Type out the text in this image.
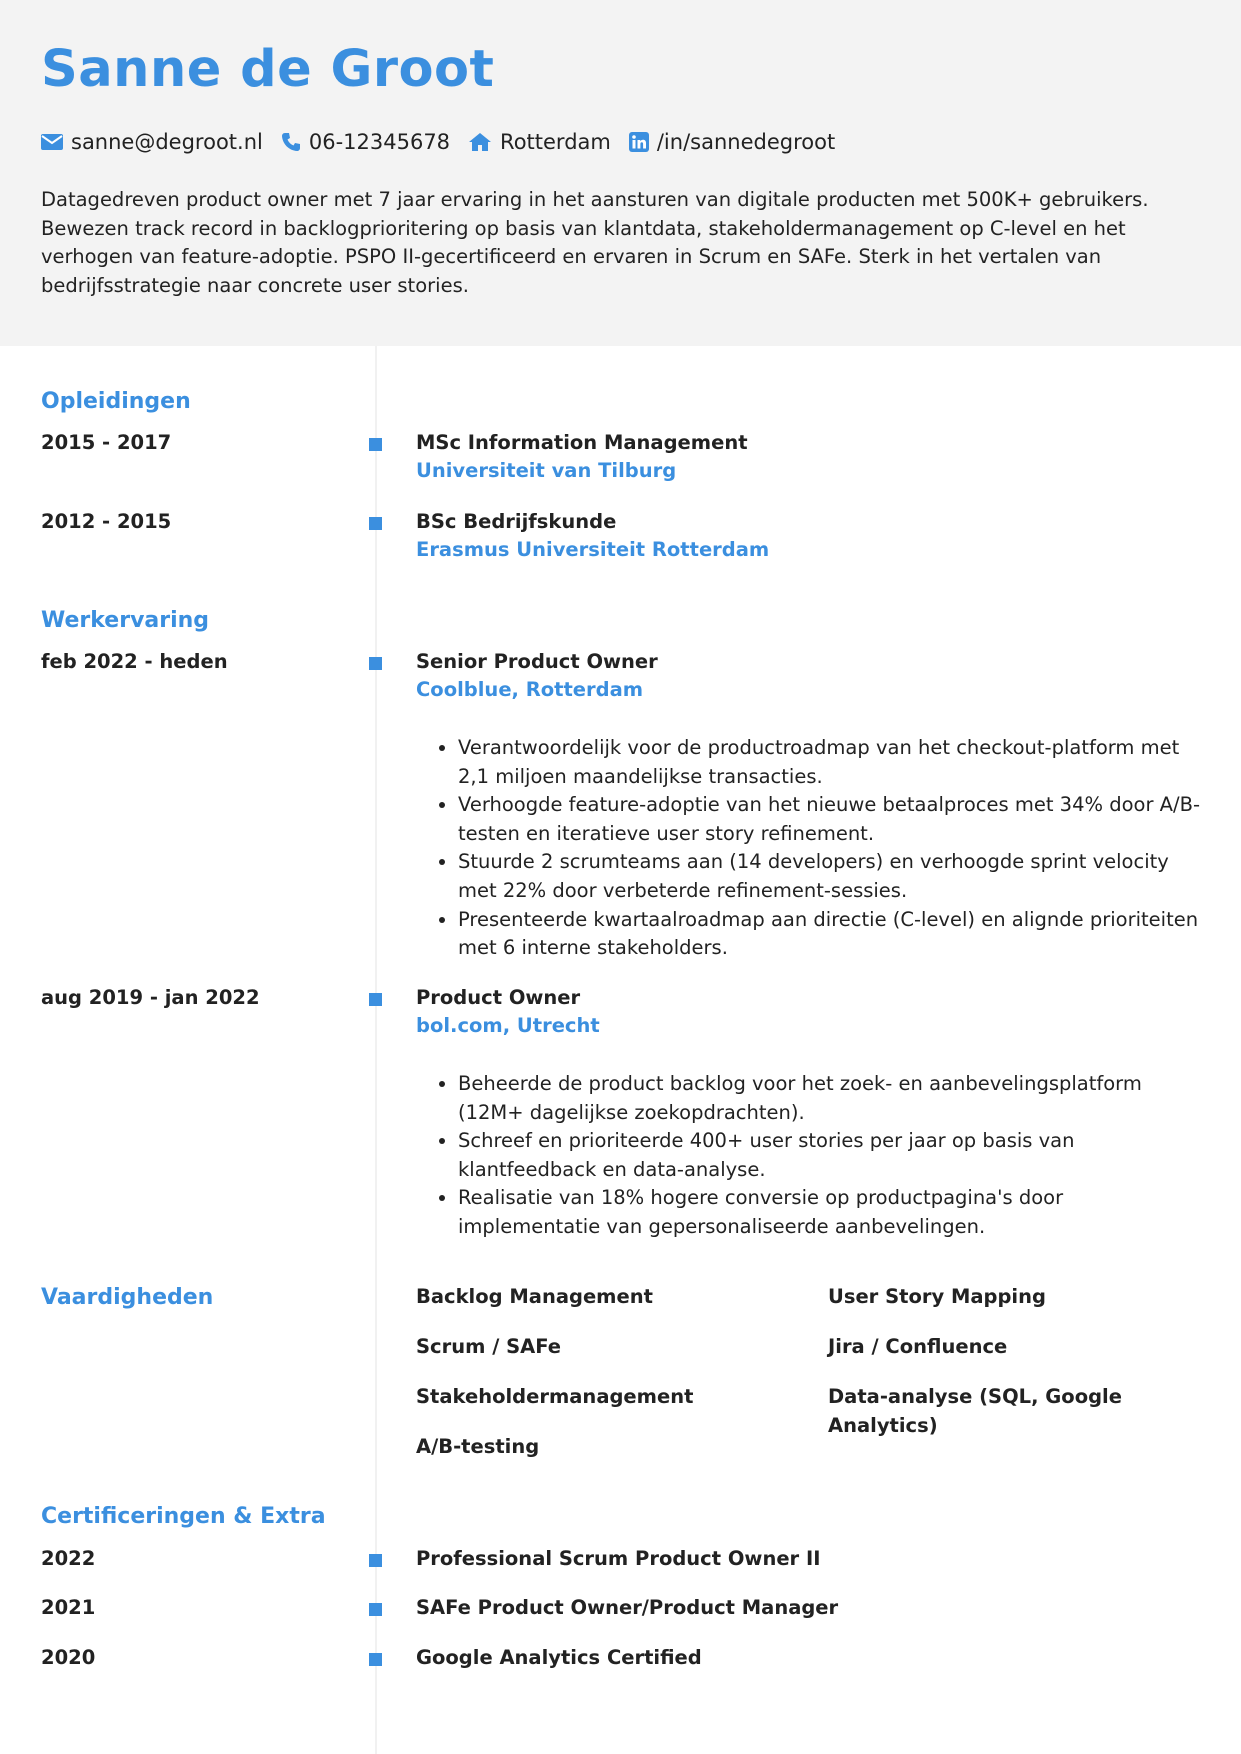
Sanne de Groot
sanne@degroot.nl 06-12345678 Rotterdam /in/sannedegroot
Datagedreven product owner met 7 jaar ervaring in het aansturen van digitale producten met 500K+ gebruikers. Bewezen track record in backlogprioritering op basis van klantdata, stakeholdermanagement op C-level en het verhogen van feature-adoptie. PSPO II-gecertificeerd en ervaren in Scrum en SAFe. Sterk in het vertalen van bedrijfsstrategie naar concrete user stories.
Opleidingen
2015 - 2017	MSc Information Management
Universiteit van Tilburg
2012 - 2015	BSc Bedrijfskunde
Erasmus Universiteit Rotterdam
Werkervaring
feb 2022 - heden	Senior Product Owner
Coolblue, Rotterdam
• Verantwoordelijk voor de productroadmap van het checkout-platform met 2,1 miljoen maandelijkse transacties.
• Verhoogde feature-adoptie van het nieuwe betaalproces met 34% door A/B-testen en iteratieve user story refinement.
• Stuurde 2 scrumteams aan (14 developers) en verhoogde sprint velocity met 22% door verbeterde refinement-sessies.
• Presenteerde kwartaalroadmap aan directie (C-level) en alignde prioriteiten met 6 interne stakeholders.
aug 2019 - jan 2022	Product Owner
bol.com, Utrecht
• Beheerde de product backlog voor het zoek- en aanbevelingsplatform (12M+ dagelijkse zoekopdrachten).
• Schreef en prioriteerde 400+ user stories per jaar op basis van klantfeedback en data-analyse.
• Realisatie van 18% hogere conversie op productpagina's door implementatie van gepersonaliseerde aanbevelingen.
Vaardigheden	Backlog Management	User Story Mapping
Scrum / SAFe	Jira / Confluence
Stakeholdermanagement	Data-analyse (SQL, Google Analytics)
A/B-testing
Certificeringen & Extra
2022	Professional Scrum Product Owner II
2021	SAFe Product Owner/Product Manager
2020	Google Analytics Certified
